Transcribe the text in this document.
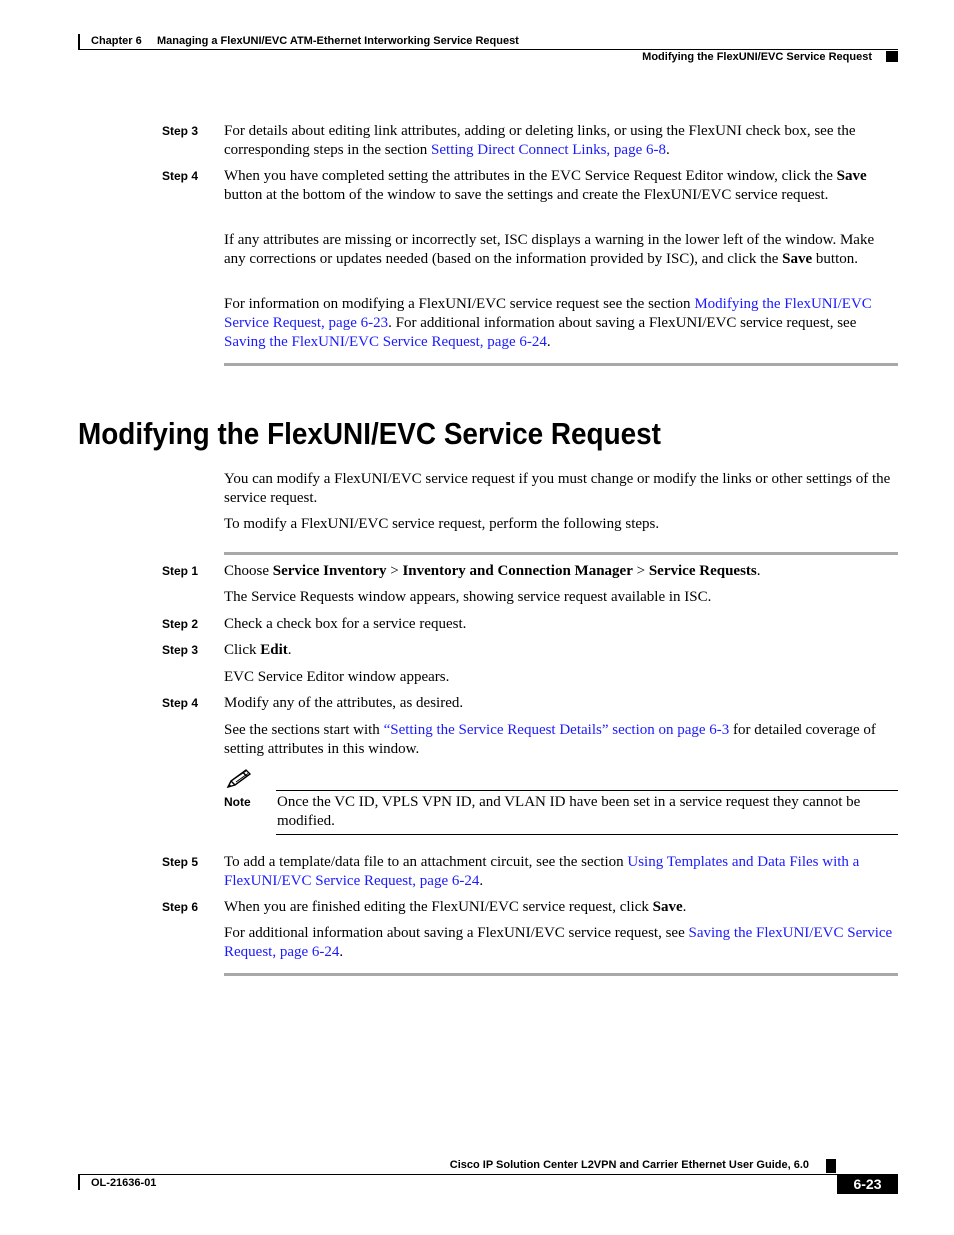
Chapter 6 Managing a FlexUNI/EVC ATM-Ethernet Interworking Service Request
Modifying the FlexUNI/EVC Service Request
Step 3 For details about editing link attributes, adding or deleting links, or using the FlexUNI check box, see the corresponding steps in the section Setting Direct Connect Links, page 6-8.
Step 4 When you have completed setting the attributes in the EVC Service Request Editor window, click the Save button at the bottom of the window to save the settings and create the FlexUNI/EVC service request.
If any attributes are missing or incorrectly set, ISC displays a warning in the lower left of the window. Make any corrections or updates needed (based on the information provided by ISC), and click the Save button.
For information on modifying a FlexUNI/EVC service request see the section Modifying the FlexUNI/EVC Service Request, page 6-23. For additional information about saving a FlexUNI/EVC service request, see Saving the FlexUNI/EVC Service Request, page 6-24.
Modifying the FlexUNI/EVC Service Request
You can modify a FlexUNI/EVC service request if you must change or modify the links or other settings of the service request.
To modify a FlexUNI/EVC service request, perform the following steps.
Step 1 Choose Service Inventory > Inventory and Connection Manager > Service Requests.
The Service Requests window appears, showing service request available in ISC.
Step 2 Check a check box for a service request.
Step 3 Click Edit.
EVC Service Editor window appears.
Step 4 Modify any of the attributes, as desired.
See the sections start with “Setting the Service Request Details” section on page 6-3 for detailed coverage of setting attributes in this window.
Note Once the VC ID, VPLS VPN ID, and VLAN ID have been set in a service request they cannot be modified.
Step 5 To add a template/data file to an attachment circuit, see the section Using Templates and Data Files with a FlexUNI/EVC Service Request, page 6-24.
Step 6 When you are finished editing the FlexUNI/EVC service request, click Save.
For additional information about saving a FlexUNI/EVC service request, see Saving the FlexUNI/EVC Service Request, page 6-24.
Cisco IP Solution Center L2VPN and Carrier Ethernet User Guide, 6.0
OL-21636-01	6-23
